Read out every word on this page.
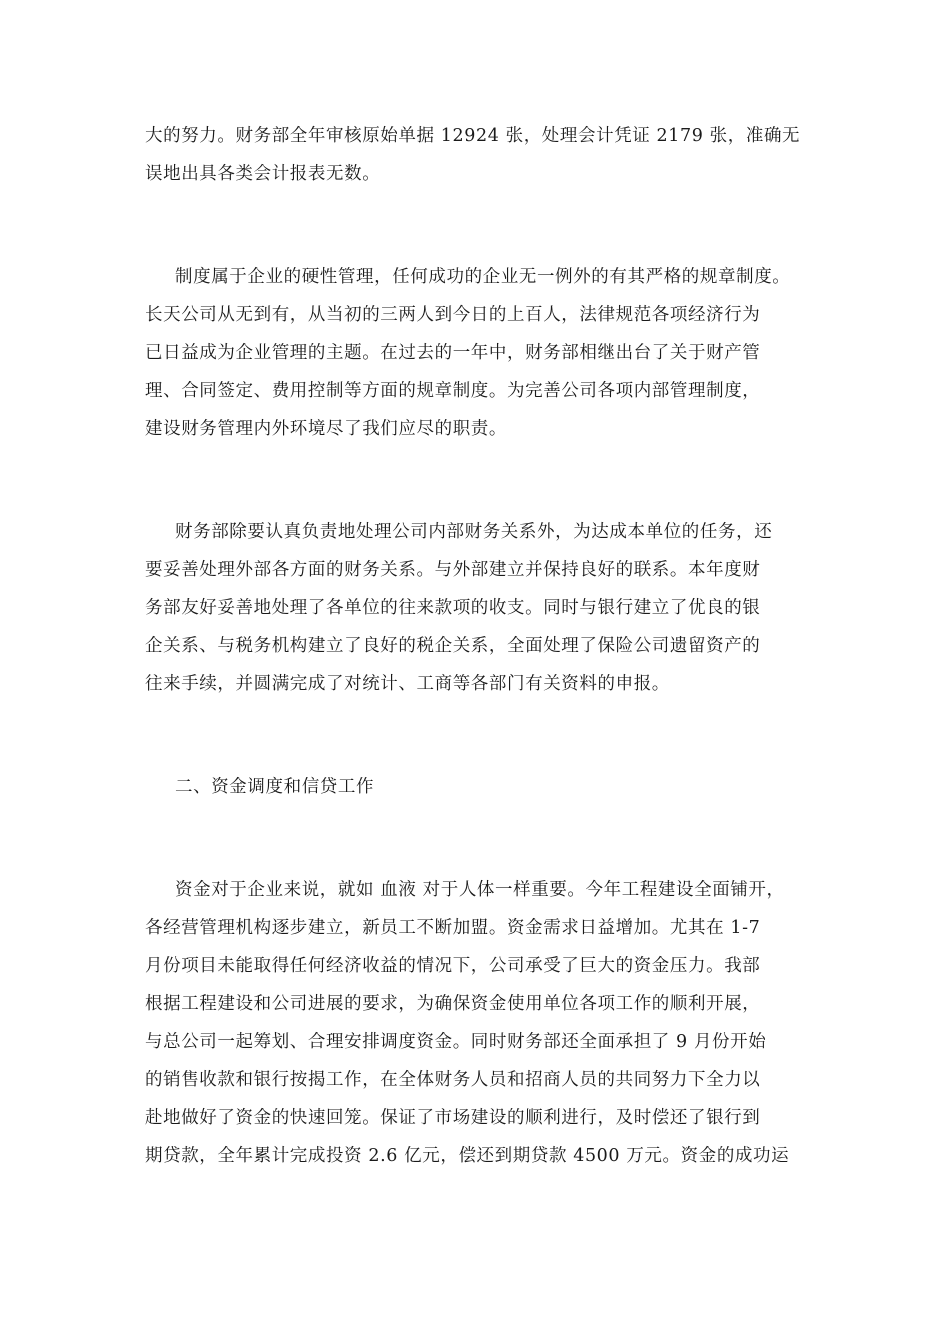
大的努力。财务部全年审核原始单据 12924 张，处理会计凭证 2179 张，准确无
误地出具各类会计报表无数。
制度属于企业的硬性管理，任何成功的企业无一例外的有其严格的规章制度。
长天公司从无到有，从当初的三两人到今日的上百人，法律规范各项经济行为
已日益成为企业管理的主题。在过去的一年中，财务部相继出台了关于财产管
理、合同签定、费用控制等方面的规章制度。为完善公司各项内部管理制度，
建设财务管理内外环境尽了我们应尽的职责。
财务部除要认真负责地处理公司内部财务关系外，为达成本单位的任务，还
要妥善处理外部各方面的财务关系。与外部建立并保持良好的联系。本年度财
务部友好妥善地处理了各单位的往来款项的收支。同时与银行建立了优良的银
企关系、与税务机构建立了良好的税企关系，全面处理了保险公司遗留资产的
往来手续，并圆满完成了对统计、工商等各部门有关资料的申报。
二、资金调度和信贷工作
资金对于企业来说，就如 血液 对于人体一样重要。今年工程建设全面铺开，
各经营管理机构逐步建立，新员工不断加盟。资金需求日益增加。尤其在 1-7
月份项目未能取得任何经济收益的情况下，公司承受了巨大的资金压力。我部
根据工程建设和公司进展的要求，为确保资金使用单位各项工作的顺利开展，
与总公司一起筹划、合理安排调度资金。同时财务部还全面承担了 9 月份开始
的销售收款和银行按揭工作，在全体财务人员和招商人员的共同努力下全力以
赴地做好了资金的快速回笼。保证了市场建设的顺利进行，及时偿还了银行到
期贷款，全年累计完成投资 2.6 亿元，偿还到期贷款 4500 万元。资金的成功运
